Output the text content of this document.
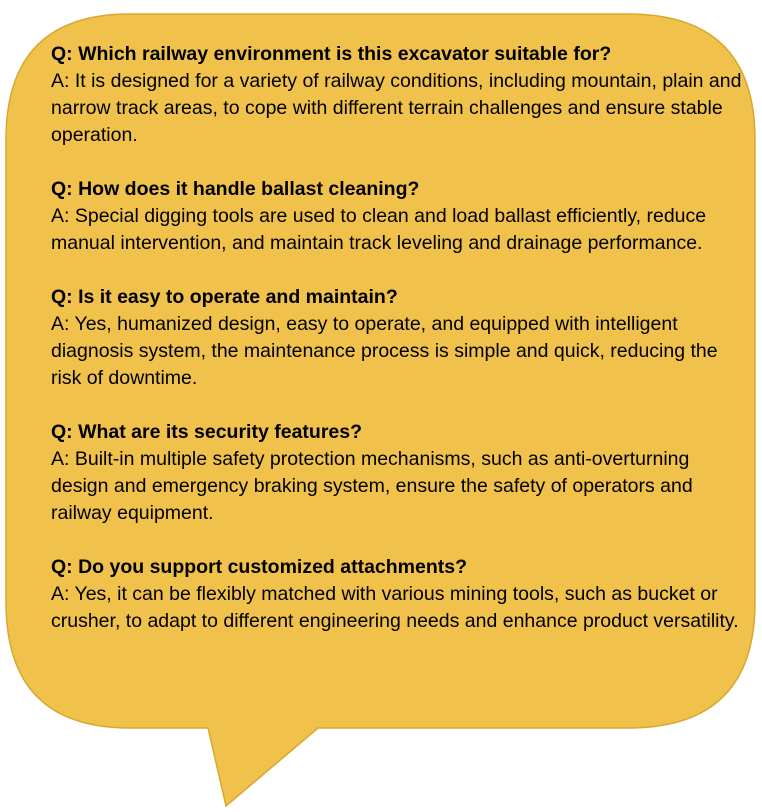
Q: Which railway environment is this excavator suitable for?
A: It is designed for a variety of railway conditions, including mountain, plain and narrow track areas, to cope with different terrain challenges and ensure stable operation.
Q: How does it handle ballast cleaning?
A: Special digging tools are used to clean and load ballast efficiently, reduce manual intervention, and maintain track leveling and drainage performance.
Q: Is it easy to operate and maintain?
A: Yes, humanized design, easy to operate, and equipped with intelligent diagnosis system, the maintenance process is simple and quick, reducing the risk of downtime.
Q: What are its security features?
A: Built-in multiple safety protection mechanisms, such as anti-overturning design and emergency braking system, ensure the safety of operators and railway equipment.
Q: Do you support customized attachments?
A: Yes, it can be flexibly matched with various mining tools, such as bucket or crusher, to adapt to different engineering needs and enhance product versatility.
